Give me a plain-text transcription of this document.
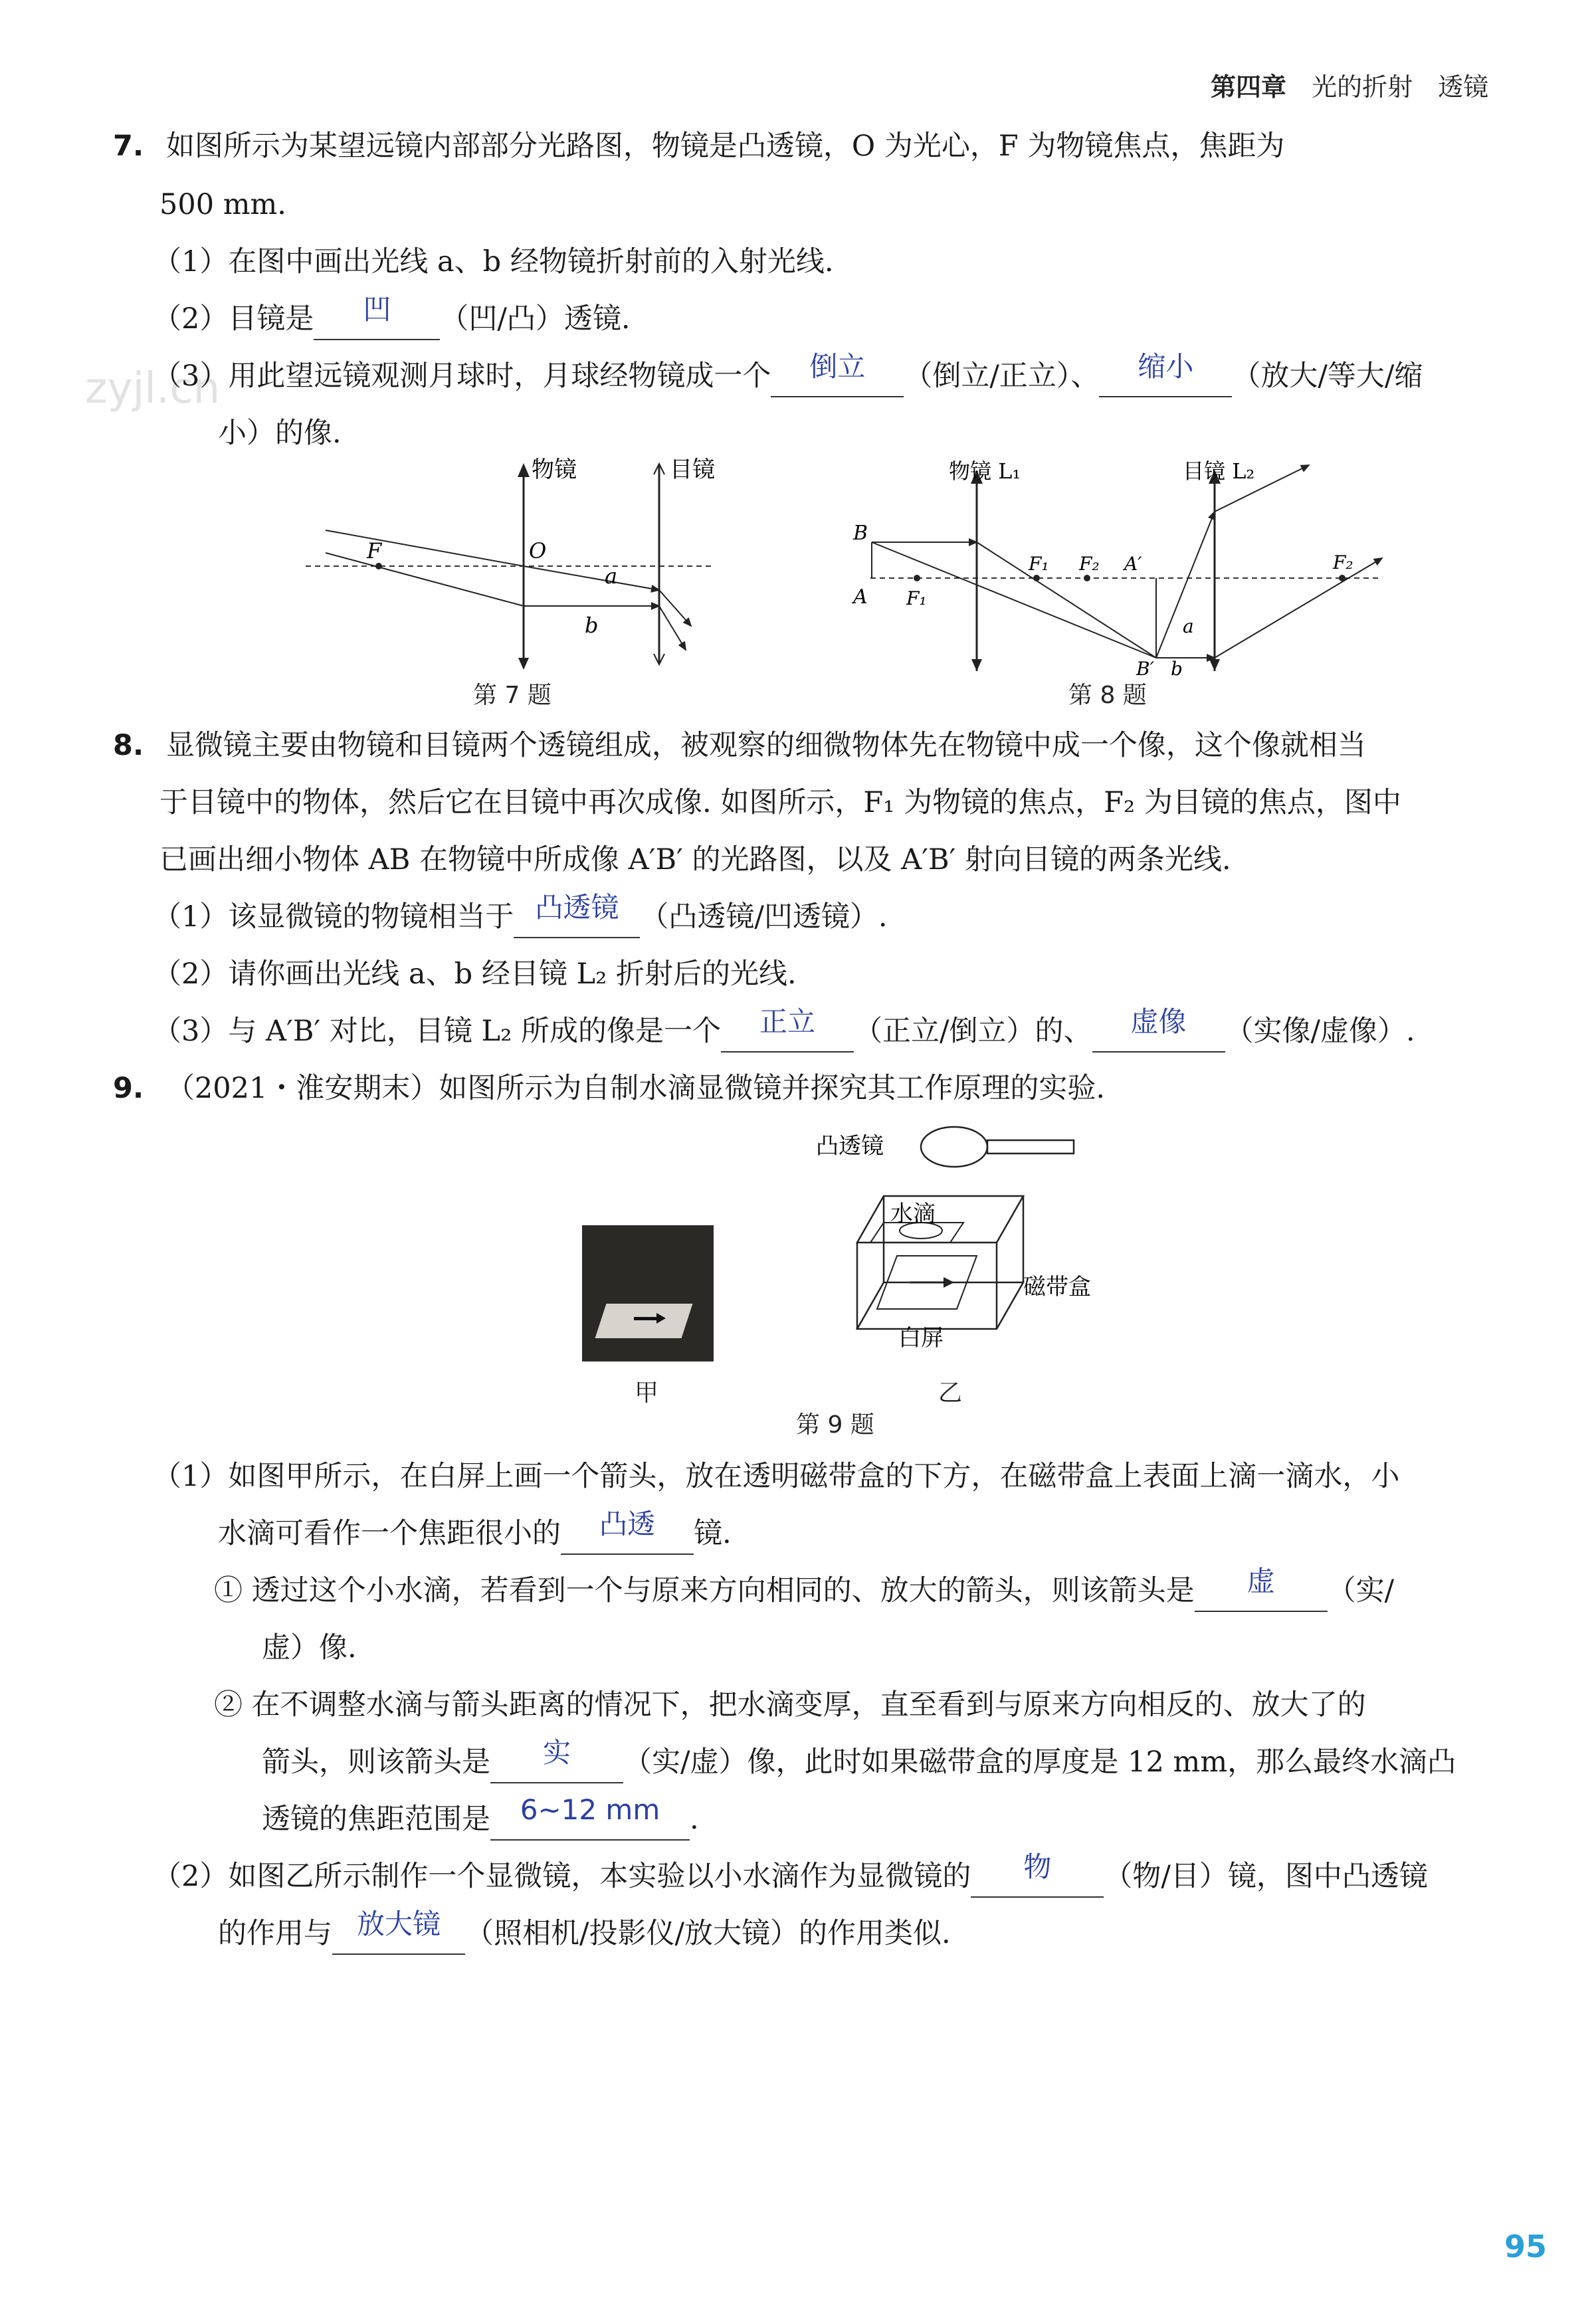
第四章 光的折射　透镜
zyjl.cn
7. 如图所示为某望远镜内部部分光路图，物镜是凸透镜，O 为光心，F 为物镜焦点，焦距为
500 mm.
（1）在图中画出光线 a、b 经物镜折射前的入射光线.
（2）目镜是 凹 （凹/凸）透镜.
（3）用此望远镜观测月球时，月球经物镜成一个 倒立 （倒立/正立）、 缩小 （放大/等大/缩
小）的像.
物镜	目镜
F	O
a
b
第 7 题
物镜 L₁	目镜 L₂
B
A F₁
F₁ F₂ A′
B′
a
b
F₂
第 8 题
8. 显微镜主要由物镜和目镜两个透镜组成，被观察的细微物体先在物镜中成一个像，这个像就相当
于目镜中的物体，然后它在目镜中再次成像. 如图所示，F₁ 为物镜的焦点，F₂ 为目镜的焦点，图中
已画出细小物体 AB 在物镜中所成像 A′B′ 的光路图，以及 A′B′ 射向目镜的两条光线.
（1）该显微镜的物镜相当于 凸透镜 （凸透镜/凹透镜）.
（2）请你画出光线 a、b 经目镜 L₂ 折射后的光线.
（3）与 A′B′ 对比，目镜 L₂ 所成的像是一个 正立 （正立/倒立）的、 虚像 （实像/虚像）.
9. （2021・淮安期末）如图所示为自制水滴显微镜并探究其工作原理的实验.
甲
凸透镜
水滴
磁带盒
白屏
乙
第 9 题
（1）如图甲所示，在白屏上画一个箭头，放在透明磁带盒的下方，在磁带盒上表面上滴一滴水，小
水滴可看作一个焦距很小的 凸透 镜.
① 透过这个小水滴，若看到一个与原来方向相同的、放大的箭头，则该箭头是 虚 （实/
虚）像.
② 在不调整水滴与箭头距离的情况下，把水滴变厚，直至看到与原来方向相反的、放大了的
箭头，则该箭头是 实 （实/虚）像，此时如果磁带盒的厚度是 12 mm，那么最终水滴凸
透镜的焦距范围是 6~12 mm .
（2）如图乙所示制作一个显微镜，本实验以小水滴作为显微镜的 物 （物/目）镜，图中凸透镜
的作用与 放大镜 （照相机/投影仪/放大镜）的作用类似.
95
